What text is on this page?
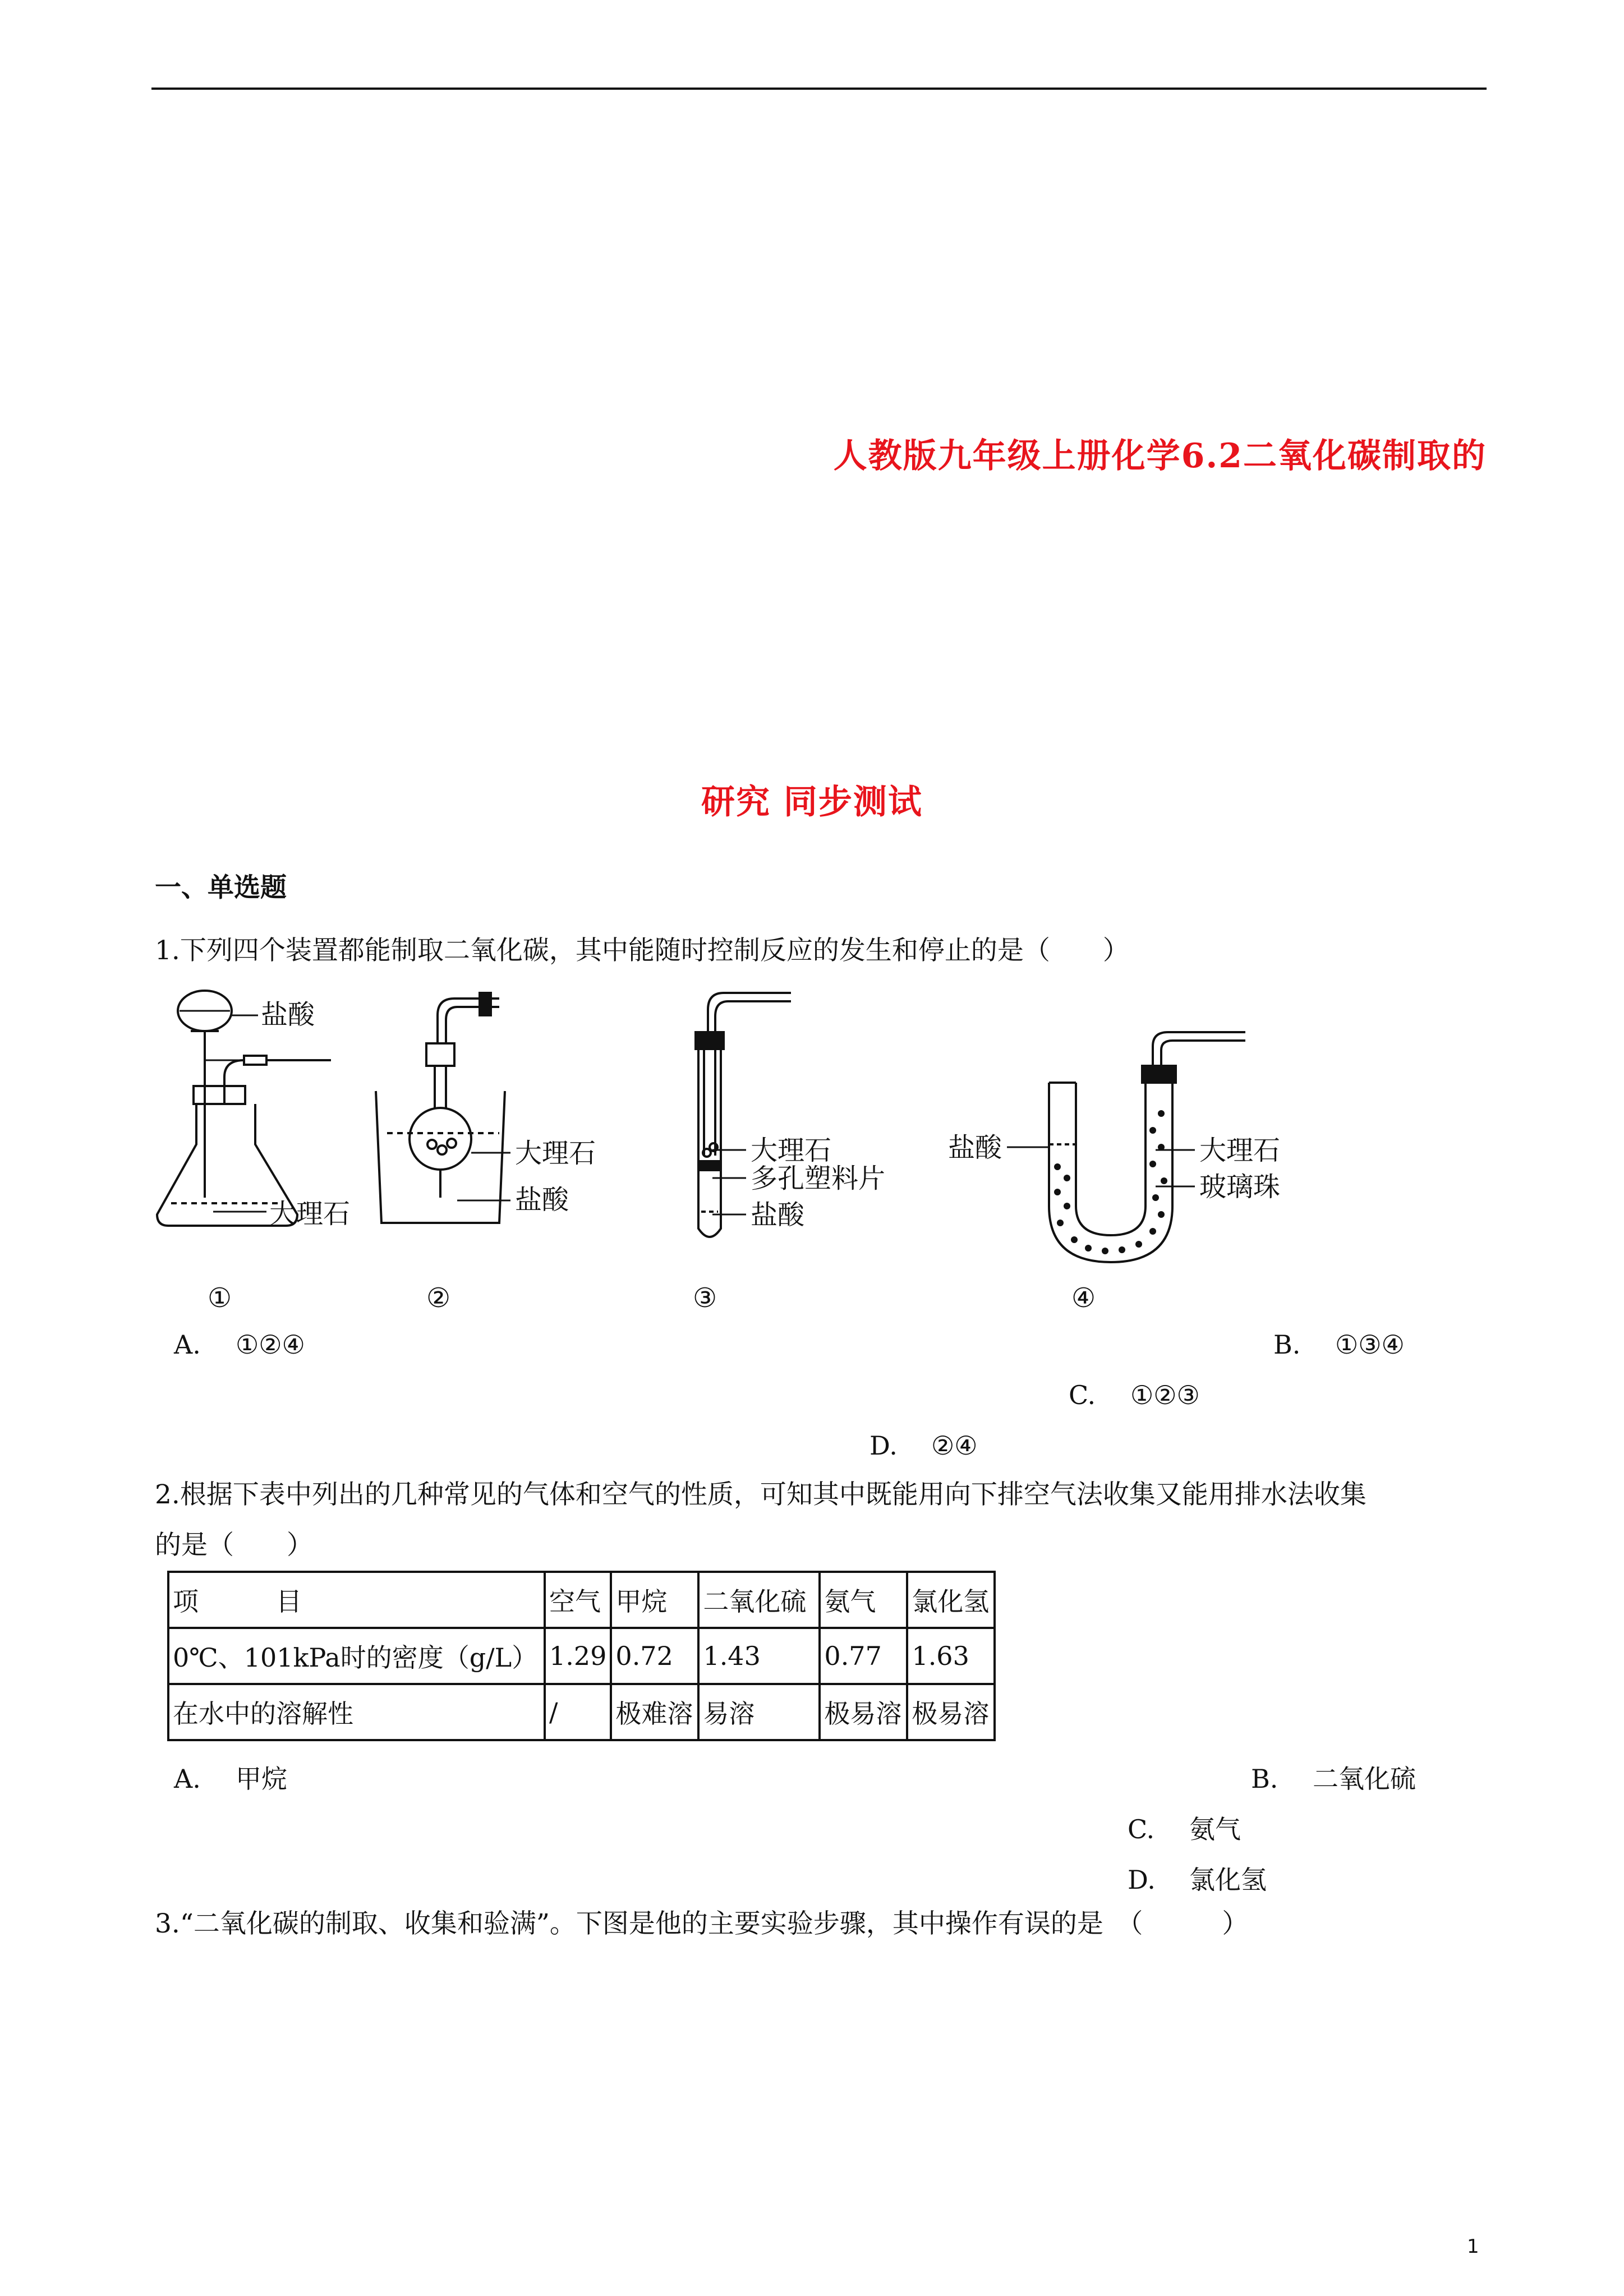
人教版九年级上册化学6.2二氧化碳制取的
研究 同步测试
一、单选题
1.下列四个装置都能制取二氧化碳，其中能随时控制反应的发生和停止的是（　　）
盐酸
大理石
大理石
盐酸
大理石
多孔塑料片
盐酸
盐酸	大理石
玻璃珠
①	②	③	④
A. ①②④	B. ①③④
C. ①②③
D. ②④
2.根据下表中列出的几种常见的气体和空气的性质，可知其中既能用向下排空气法收集又能用排水法收集
的是（　　）
项　　　目	空气	甲烷	二氧化硫	氨气	氯化氢
0℃、101kPa时的密度（g/L）	1.29	0.72	1.43	0.77	1.63
在水中的溶解性	/	极难溶	易溶	极易溶	极易溶
A. 甲烷	B. 二氧化硫
C. 氨气
D. 氯化氢
3.“二氧化碳的制取、收集和验满”。下图是他的主要实验步骤，其中操作有误的是　（　　　）
1
